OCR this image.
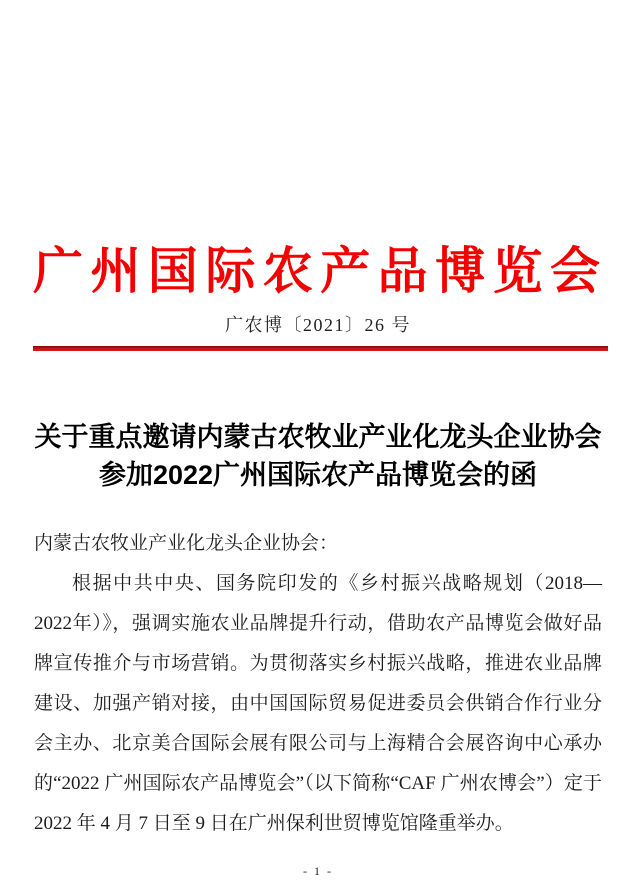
广 州 国 际 农 产 品 博 览 会
广农博〔2021〕26 号
关于重点邀请内蒙古农牧业产业化龙头企业协会
参加2022广州国际农产品博览会的函
内蒙古农牧业产业化龙头企业协会：
根据中共中央、国务院印发的《乡村振兴战略规划（2018—2022年）》，强调实施农业品牌提升行动，借助农产品博览会做好品牌宣传推介与市场营销。为贯彻落实乡村振兴战略，推进农业品牌建设、加强产销对接，由中国国际贸易促进委员会供销合作行业分会主办、北京美合国际会展有限公司与上海精合会展咨询中心承办的“2022 广州国际农产品博览会”（以下简称“CAF 广州农博会”）定于 2022 年 4 月 7 日至 9 日在广州保利世贸博览馆隆重举办。
- 1 -
